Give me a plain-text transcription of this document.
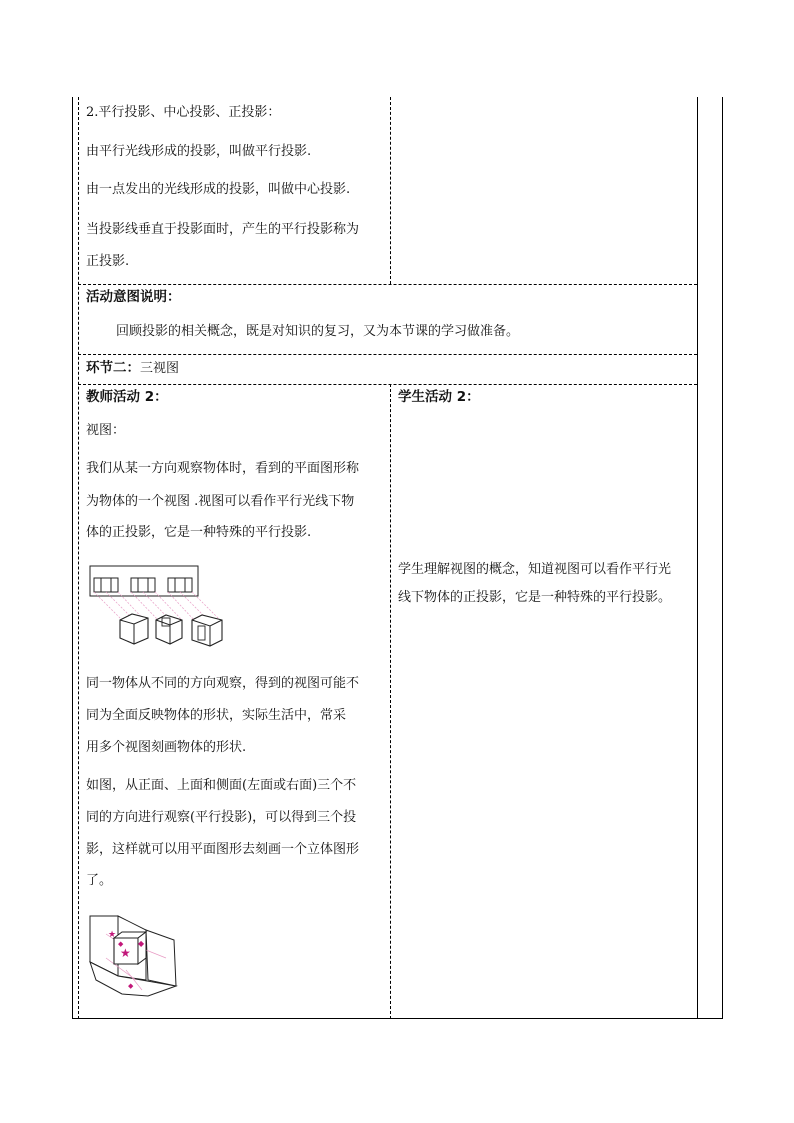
2.平行投影、中心投影、正投影：
由平行光线形成的投影，叫做平行投影.
由一点发出的光线形成的投影，叫做中心投影.
当投影线垂直于投影面时，产生的平行投影称为
正投影.
活动意图说明：
回顾投影的相关概念，既是对知识的复习，又为本节课的学习做准备。
环节二：三视图
教师活动 2：
视图：
我们从某一方向观察物体时，看到的平面图形称
为物体的一个视图 .视图可以看作平行光线下物
体的正投影，它是一种特殊的平行投影.
同一物体从不同的方向观察，得到的视图可能不
同为全面反映物体的形状，实际生活中，常采
用多个视图刻画物体的形状.
如图，从正面、上面和侧面(左面或右面)三个不
同的方向进行观察(平行投影)，可以得到三个投
影，这样就可以用平面图形去刻画一个立体图形
了。
★
★
◆
◆
◆
学生活动 2：
学生理解视图的概念，知道视图可以看作平行光
线下物体的正投影，它是一种特殊的平行投影。
